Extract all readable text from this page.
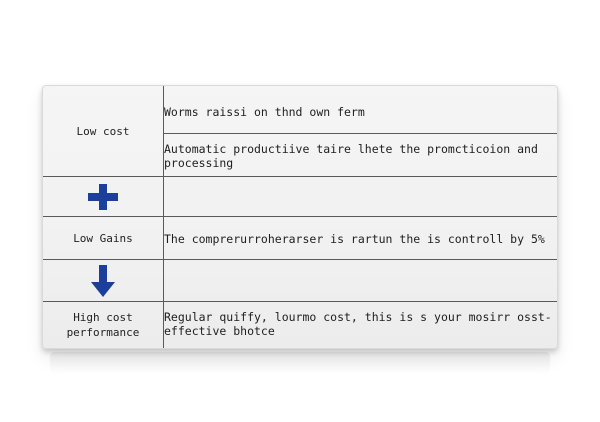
Low cost
Worms raissi on thnd own ferm
Automatic productiive taire lhete the promcticoion and processing
Low Gains	The comprerurroherarser is rartun the is controll by 5%
High cost performance
Regular quiffy, lourmo cost, this is s your mosirr osst-effective bhotce
